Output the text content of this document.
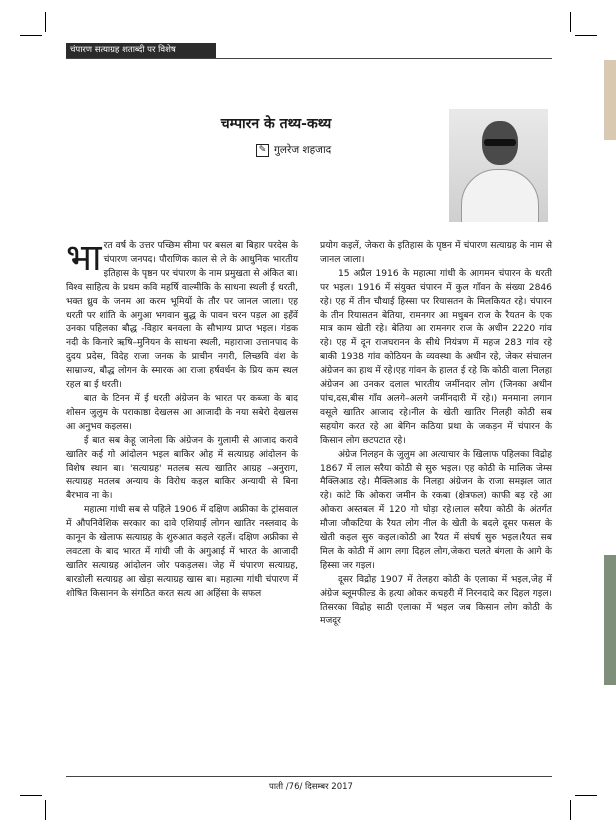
चंपारण सत्याग्रह शताब्दी पर विशेष
चम्पारन के तथ्य-कथ्य
✎ गुलरेज शहजाद

भारत वर्ष के उत्तर पच्छिम सीमा पर बसल बा बिहार परदेस के चंपारण जनपद। पौराणिक काल से ले के आधुनिक भारतीय इतिहास के पृष्ठन पर चंपारण के नाम प्रमुखता से अंकित बा। विश्व साहित्य के प्रथम कवि महर्षि वाल्मीकि के साधना स्थली ई धरती, भक्त ध्रुव के जनम आ करम भूमियों के तौर पर जानल जाला। एह धरती पर शांति के अगुआ भगवान बुद्ध के पावन चरन पड़ल आ इहँवें उनका पहिलका बौद्ध -विहार बनवला के सौभाग्य प्राप्त भइल। गंडक नदी के किनारे ऋषि–मुनियन के साधना स्थली, महाराजा उत्तानपाद के दुदय प्रदेस, विदेह राजा जनक के प्राचीन नगरी, लिच्छवि वंश के साम्राज्य, बौद्ध लोगन के स्मारक आ राजा हर्षवर्धन के प्रिय कम स्थल रहल बा ई धरती।

बात के टिनन में ई धरती अंग्रेजन के भारत पर कब्जा के बाद शोसन जुलुम के पराकाष्ठा देखलस आ आजादी के नया सबेरो देखलस आ अनुभव कइलस।

ई बात सब केहू जानेला कि अंग्रेजन के गुलामी से आजाद करावे खातिर कई गो आंदोलन भइल बाकिर ओह में सत्याग्रह आंदोलन के विशेष स्थान बा। 'सत्याग्रह' मतलब सत्य खातिर आग्रह –अनुराग, सत्याग्रह मतलब अन्याय के विरोध कइल बाकिर अन्यायी से बिना बैरभाव ना के।

महात्मा गांधी सब से पहिले 1906 में दक्षिण अफ्रीका के ट्रांसवाल में औपनिवेशिक सरकार का दावे एशियाई लोगन खातिर नस्लवाद के कानून के खेलाफ सत्याग्रह के शुरुआत कइले रहलें। दक्षिण अफ्रीका से लवटला के बाद भारत में गांधी जी के अगुआई में भारत के आजादी खातिर सत्याग्रह आंदोलन जोर पकड़लस। जेह में चंपारण सत्याग्रह, बारडोली सत्याग्रह आ खेड़ा सत्याग्रह खास बा। महात्मा गांधी चंपारण में शोषित किसानन के संगठित करत सत्य आ अहिंसा के सफल

प्रयोग कइलें, जेकरा के इतिहास के पृष्ठन में चंपारण सत्याग्रह के नाम से जानल जाला।

15 अप्रैल 1916 के महात्मा गांधी के आगमन चंपारन के धरती पर भइल। 1916 में संयुक्त चंपारन में कुल गाँवन के संख्या 2846 रहे। एह में तीन चौथाई हिस्सा पर रियासतन के मिलकियत रहे। चंपारन के तीन रियासतन बेतिया, रामनगर आ मधुबन राज के रैयतन के एक मात्र काम खेती रहे। बेतिया आ रामनगर राज के अधीन 2220 गांव रहे। एह में दून राजघरानन के सीधे नियंत्रण में महज 283 गांव रहे बाकी 1938 गांव कोठियन के व्यवस्था के अधीन रहे, जेकर संचालन अंग्रेजन का हाथ में रहे।एह गांवन के हालत ई रहे कि कोठी वाला निलहा अंग्रेजन आ उनकर दलाल भारतीय जमींनदार लोग (जिनका अधीन पांच,दस,बीस गाँव अलगे–अलगे जमींनदारी में रहे।) मनमाना लगान वसूले खातिर आजाद रहे।नील के खेती खातिर निलही कोठी सब सहयोग करत रहे आ बेगिन कठिया प्रथा के जकड़न में चंपारन के किसान लोग छटपटात रहे।

अंग्रेज निलहन के जुलुम आ अत्याचार के खिलाफ पहिलका विद्रोह 1867 में लाल सरैया कोठी से सुरु भइल। एह कोठी के मालिक जेम्स मैक्लिआड रहे। मैक्लिआड के निलहा अंग्रेजन के राजा समझल जात रहे। कांटे कि ओकरा जमीन के रकबा (क्षेत्रफल) काफी बड़ रहे आ ओकरा अस्तबल में 120 गो घोड़ा रहे।लाल सरैया कोठी के अंतर्गत मौजा जौकटिया के रैयत लोग नील के खेती के बदले दूसर फसल के खेती कइल सुरु कइल।कोठी आ रैयत में संघर्ष सुरु भइल।रैयत सब मिल के कोठी में आग लगा दिहल लोग,जेकरा चलते बंगला के आगे के हिस्सा जर गइल।

दूसर विद्रोह 1907 में तेलहरा कोठी के एलाका में भइल,जेह में अंग्रेज ब्लूमफील्ड के हत्या ओकर कचहरी में निरनदादे कर दिहल गइल। तिसरका विद्रोह साठी एलाका में भइल जब किसान लोग कोठी के मजदूर

पाती /76/ दिसम्बर 2017
